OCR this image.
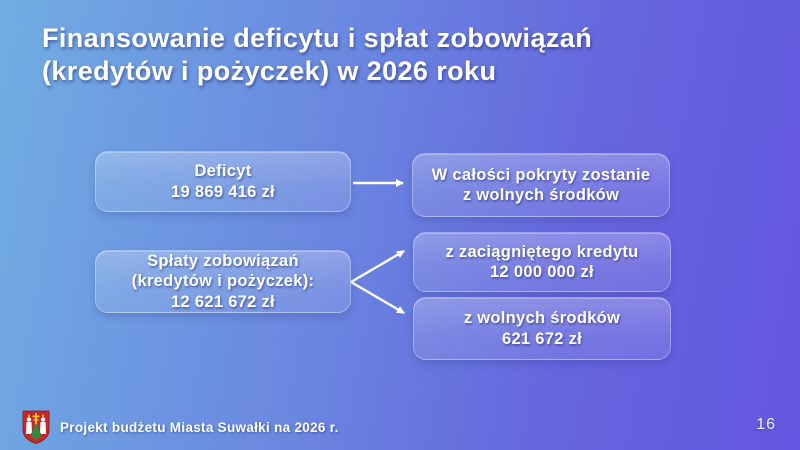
Finansowanie deficytu i spłat zobowiązań
(kredytów i pożyczek) w 2026 roku
Deficyt
19 869 416 zł
Spłaty zobowiązań
(kredytów i pożyczek):
12 621 672 zł
W całości pokryty zostanie
z wolnych środków
z zaciągniętego kredytu
12 000 000 zł
z wolnych środków
621 672 zł
Projekt budżetu Miasta Suwałki na 2026 r.	16
